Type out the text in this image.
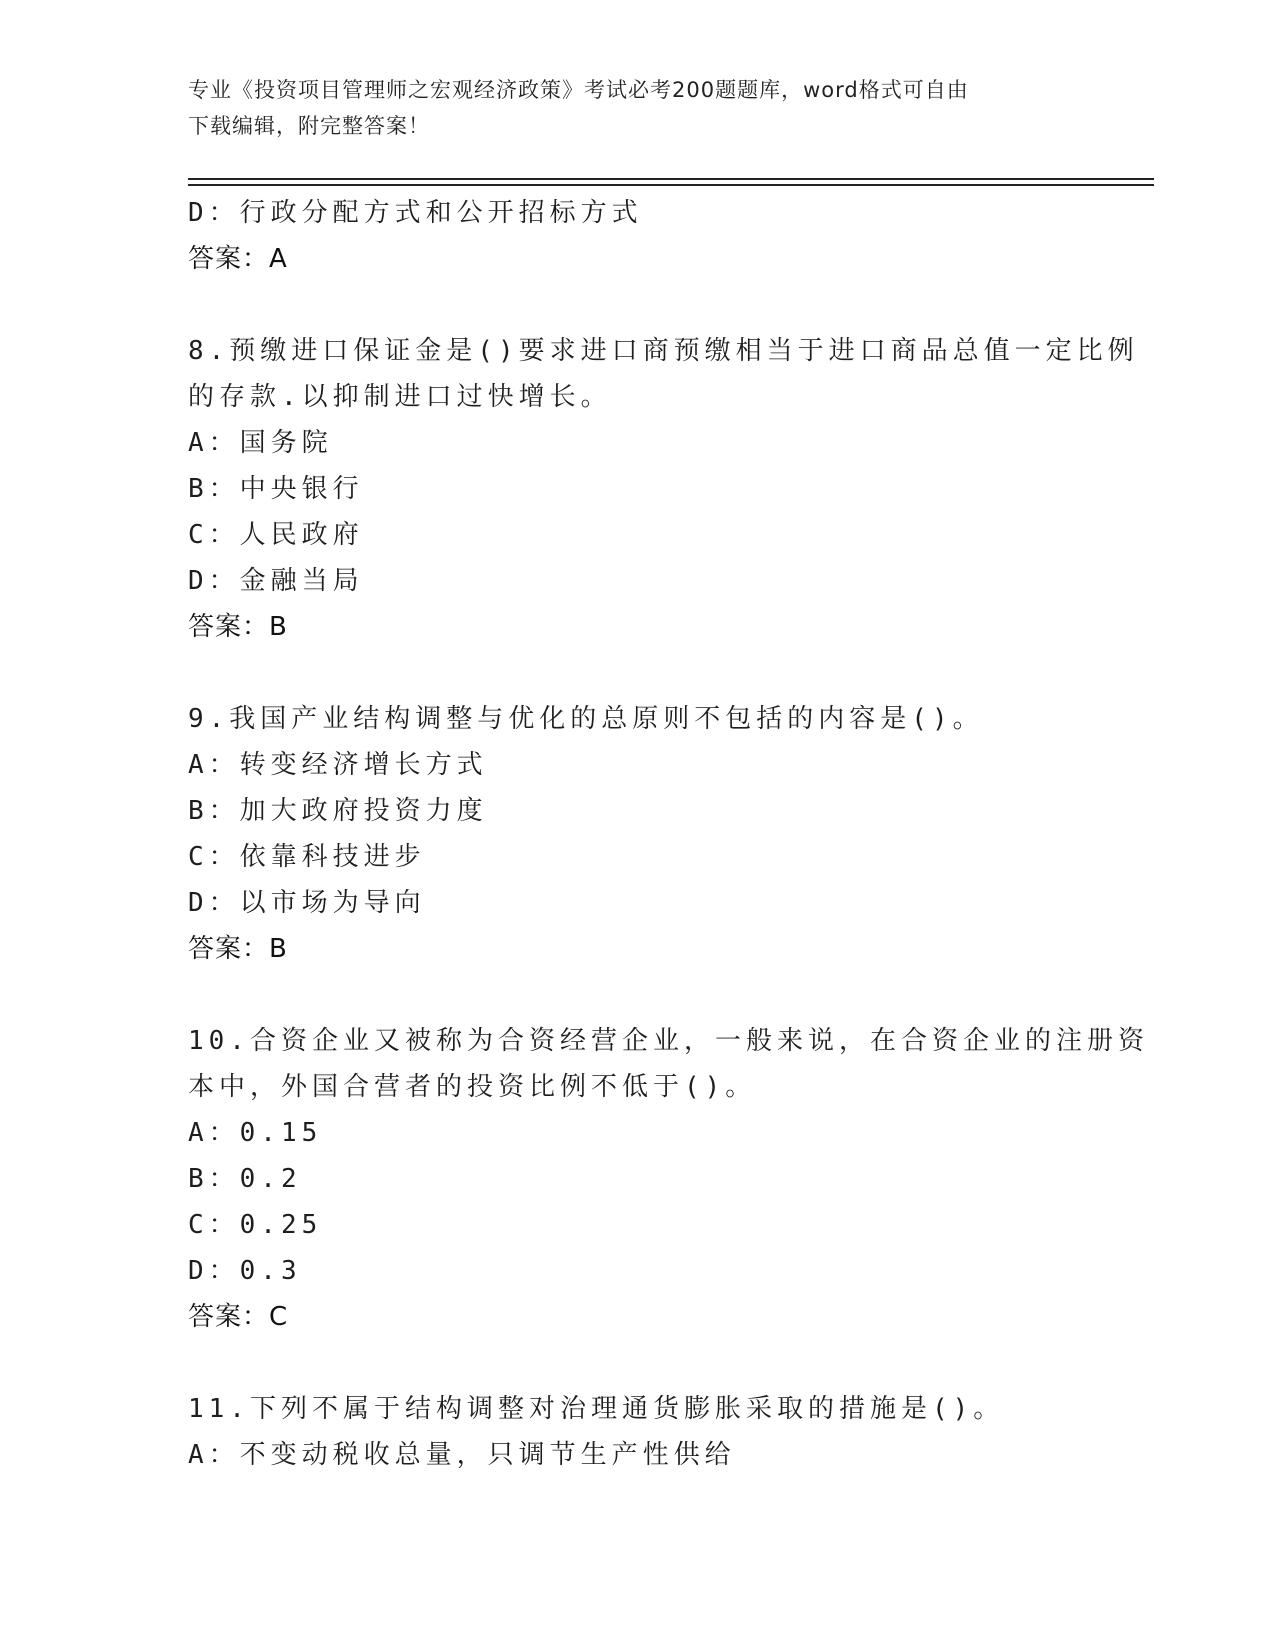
专业《投资项目管理师之宏观经济政策》考试必考200题题库，word格式可自由
下载编辑，附完整答案！
D：行政分配方式和公开招标方式
答案：A
8.预缴进口保证金是()要求进口商预缴相当于进口商品总值一定比例
的存款.以抑制进口过快增长。
A：国务院
B：中央银行
C：人民政府
D：金融当局
答案：B
9.我国产业结构调整与优化的总原则不包括的内容是()。
A：转变经济增长方式
B：加大政府投资力度
C：依靠科技进步
D：以市场为导向
答案：B
10.合资企业又被称为合资经营企业，一般来说，在合资企业的注册资
本中，外国合营者的投资比例不低于()。
A：0.15
B：0.2
C：0.25
D：0.3
答案：C
11.下列不属于结构调整对治理通货膨胀采取的措施是()。
A：不变动税收总量，只调节生产性供给
